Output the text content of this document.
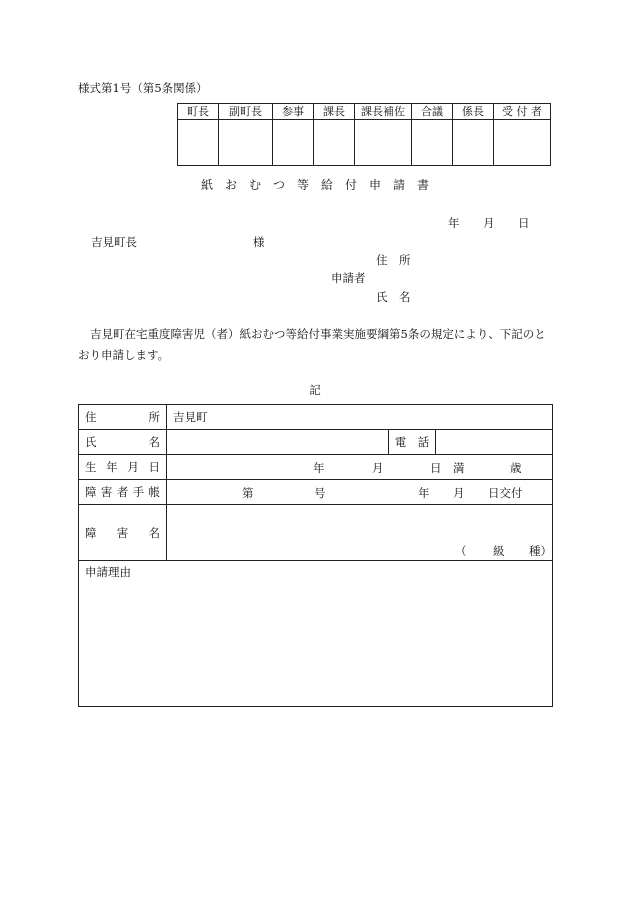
様式第1号（第5条関係）
町長	副町長	参事	課長	課長補佐	合議	係長	受 付 者

紙　お　む　つ　等　給　付　申　請　書
年 月 日
吉見町長	様
住　所
申請者
氏　名
吉見町在宅重度障害児（者）紙おむつ等給付事業実施要綱第5条の規定により、下記のとおり申請します。
記
住　所	吉見町		
氏　名		電　話	
生年月日	年 月 日　満 歳		

障害者手帳	第 号 年 月 日交付		

障害名	（ 級 種）		

申請理由			
